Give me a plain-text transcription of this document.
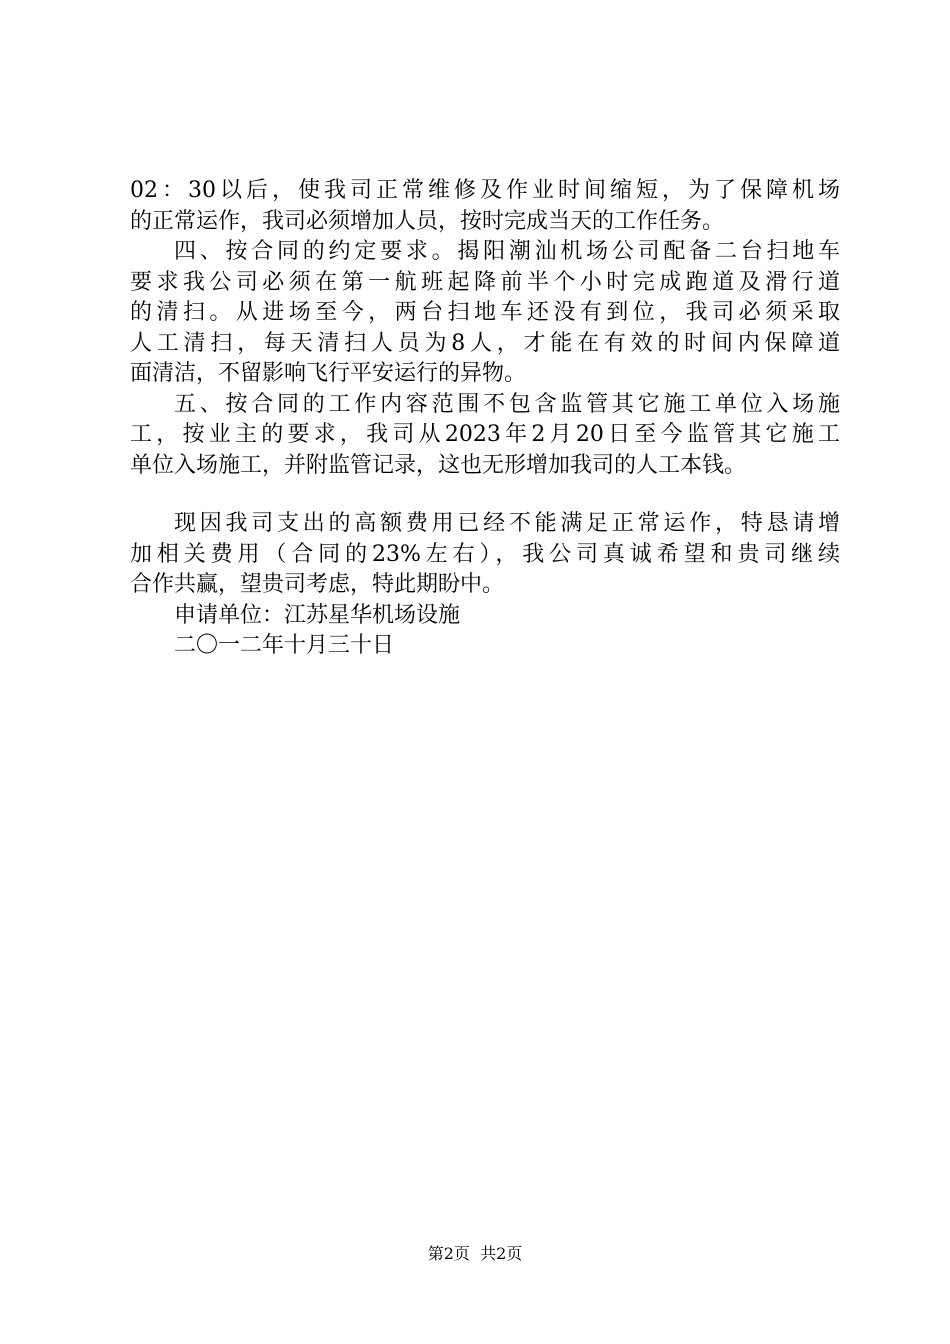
02：30以后，使我司正常维修及作业时间缩短，为了保障机场
的正常运作，我司必须增加人员，按时完成当天的工作任务。
四、按合同的约定要求。揭阳潮汕机场公司配备二台扫地车
要求我公司必须在第一航班起降前半个小时完成跑道及滑行道
的清扫。从进场至今，两台扫地车还没有到位，我司必须采取
人工清扫，每天清扫人员为8人，才能在有效的时间内保障道
面清洁，不留影响飞行平安运行的异物。
五、按合同的工作内容范围不包含监管其它施工单位入场施
工，按业主的要求，我司从2023年2月20日至今监管其它施工
单位入场施工，并附监管记录，这也无形增加我司的人工本钱。
现因我司支出的高额费用已经不能满足正常运作，特恳请增
加相关费用（合同的23%左右），我公司真诚希望和贵司继续
合作共赢，望贵司考虑，特此期盼中。
申请单位：江苏星华机场设施
二〇一二年十月三十日
第2页  共2页
